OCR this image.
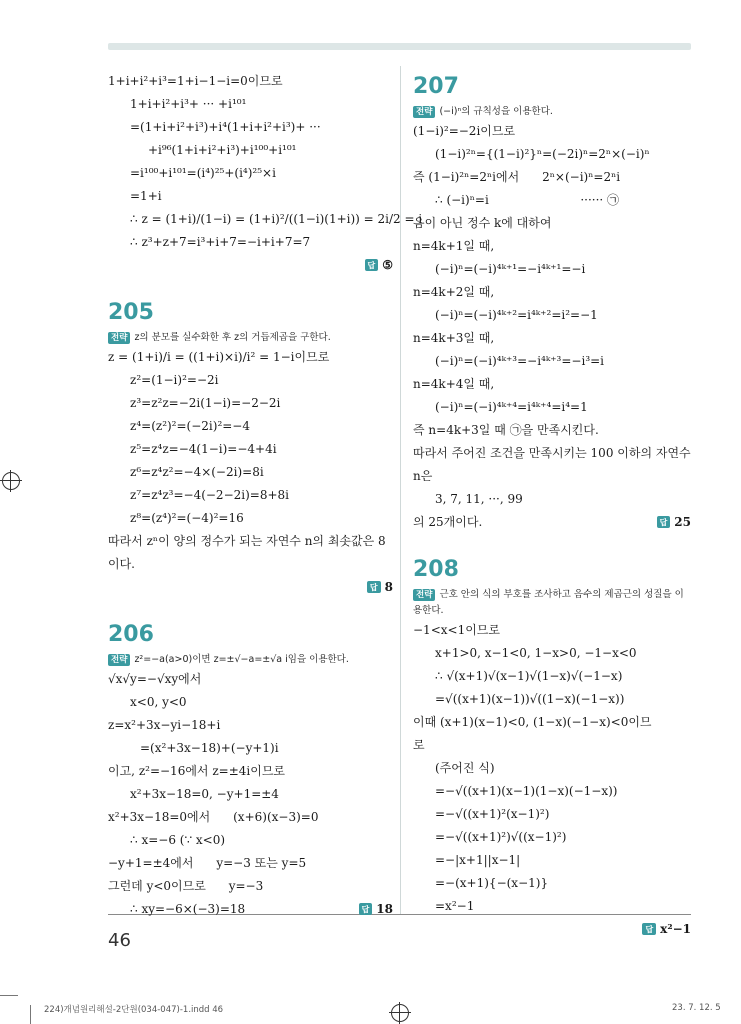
1+i+i²+i³=1+i−1−i=0이므로
1+i+i²+i³+ ··· +i¹⁰¹
=(1+i+i²+i³)+i⁴(1+i+i²+i³)+ ···
+i⁹⁶(1+i+i²+i³)+i¹⁰⁰+i¹⁰¹
=i¹⁰⁰+i¹⁰¹=(i⁴)²⁵+(i⁴)²⁵×i
=1+i
∴ z = (1+i)/(1−i) = (1+i)²/((1−i)(1+i)) = 2i/2 = i
∴ z³+z+7=i³+i+7=−i+i+7=7
답 ⑤
205
전략 z의 분모를 실수화한 후 z의 거듭제곱을 구한다.
z = (1+i)/i = ((1+i)×i)/i² = 1−i이므로
z²=(1−i)²=−2i
z³=z²z=−2i(1−i)=−2−2i
z⁴=(z²)²=(−2i)²=−4
z⁵=z⁴z=−4(1−i)=−4+4i
z⁶=z⁴z²=−4×(−2i)=8i
z⁷=z⁴z³=−4(−2−2i)=8+8i
z⁸=(z⁴)²=(−4)²=16
따라서 zⁿ이 양의 정수가 되는 자연수 n의 최솟값은 8
이다.
답 8
206
전략 z²=−a(a>0)이면 z=±√−a=±√a i임을 이용한다.
√x√y=−√xy에서
x<0, y<0
z=x²+3x−yi−18+i
=(x²+3x−18)+(−y+1)i
이고, z²=−16에서 z=±4i이므로
x²+3x−18=0, −y+1=±4
x²+3x−18=0에서      (x+6)(x−3)=0
∴ x=−6 (∵ x<0)
−y+1=±4에서      y=−3 또는 y=5
그런데 y<0이므로      y=−3
∴ xy=−6×(−3)=18	답 18
207
전략 (−i)ⁿ의 규칙성을 이용한다.
(1−i)²=−2i이므로
(1−i)²ⁿ={(1−i)²}ⁿ=(−2i)ⁿ=2ⁿ×(−i)ⁿ
즉 (1−i)²ⁿ=2ⁿi에서      2ⁿ×(−i)ⁿ=2ⁿi
∴ (−i)ⁿ=i                        ······ ㉠
음이 아닌 정수 k에 대하여
n=4k+1일 때,
(−i)ⁿ=(−i)⁴ᵏ⁺¹=−i⁴ᵏ⁺¹=−i
n=4k+2일 때,
(−i)ⁿ=(−i)⁴ᵏ⁺²=i⁴ᵏ⁺²=i²=−1
n=4k+3일 때,
(−i)ⁿ=(−i)⁴ᵏ⁺³=−i⁴ᵏ⁺³=−i³=i
n=4k+4일 때,
(−i)ⁿ=(−i)⁴ᵏ⁺⁴=i⁴ᵏ⁺⁴=i⁴=1
즉 n=4k+3일 때 ㉠을 만족시킨다.
따라서 주어진 조건을 만족시키는 100 이하의 자연수
n은
3, 7, 11, ···, 99
의 25개이다.	답 25
208
전략 근호 안의 식의 부호를 조사하고 음수의 제곱근의 성질을 이용한다.
−1<x<1이므로
x+1>0, x−1<0, 1−x>0, −1−x<0
∴ √(x+1)√(x−1)√(1−x)√(−1−x)
=√((x+1)(x−1))√((1−x)(−1−x))
이때 (x+1)(x−1)<0, (1−x)(−1−x)<0이므
로
(주어진 식)
=−√((x+1)(x−1)(1−x)(−1−x))
=−√((x+1)²(x−1)²)
=−√((x+1)²)√((x−1)²)
=−|x+1||x−1|
=−(x+1){−(x−1)}
=x²−1
답 x²−1
46
224)개념원리해설-2단원(034-047)-1.indd 46	23. 7. 12. 5
